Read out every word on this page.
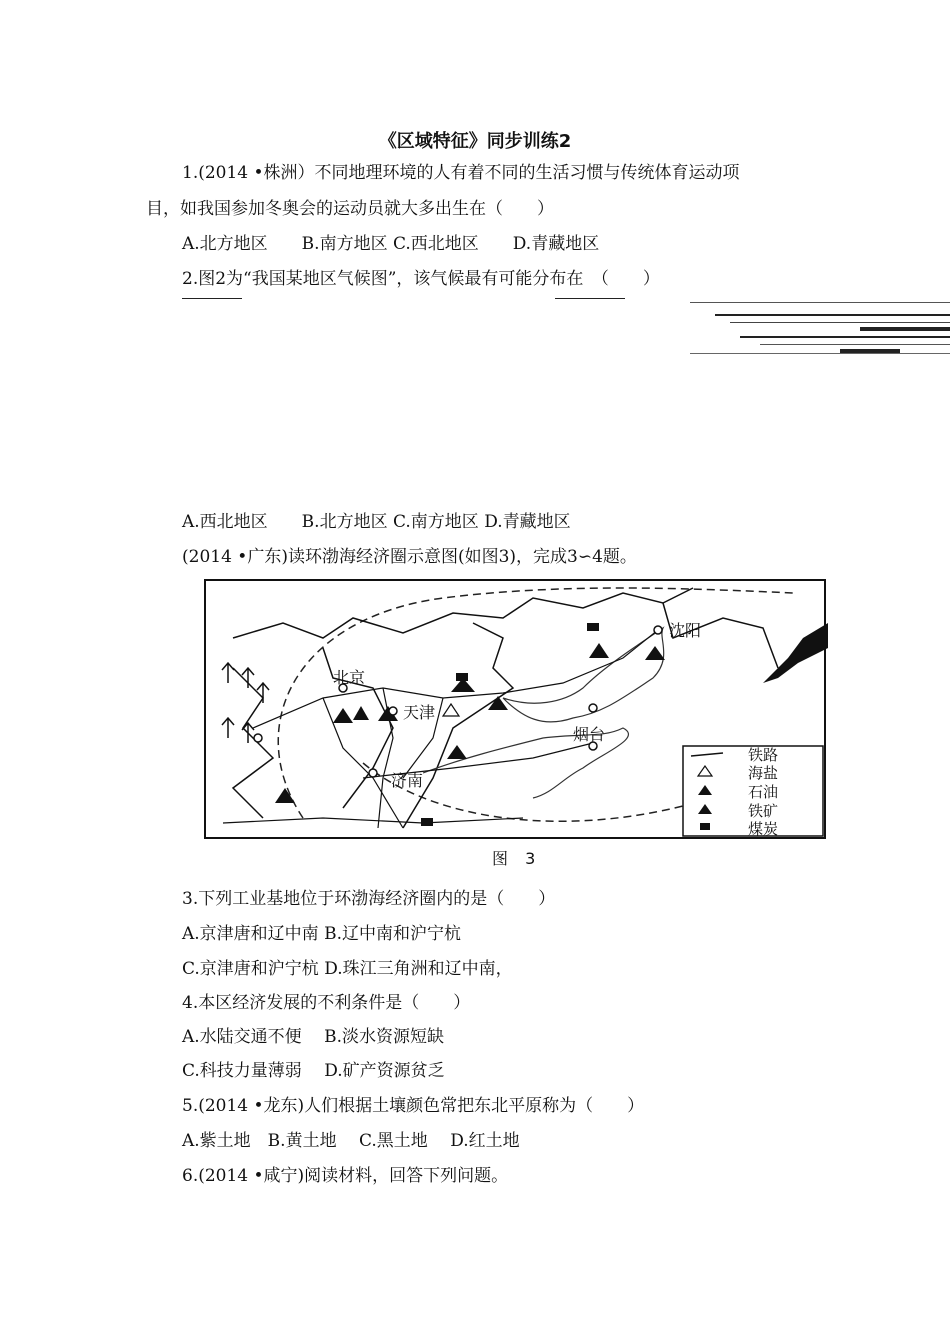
《区域特征》同步训练2
1.(2014 •株洲）不同地理环境的人有着不同的生活习惯与传统体育运动项
目，如我国参加冬奥会的运动员就大多出生在（　　）
A.北方地区　　B.南方地区 C.西北地区　　D.青藏地区
2.图2为“我国某地区气候图”，该气候最有可能分布在　（　　）
A.西北地区　　B.北方地区 C.南方地区 D.青藏地区
(2014 •广东)读环渤海经济圈示意图(如图3)，完成3∽4题。
沈阳
北京
天津
烟台
济南
铁路
海盐
石油
铁矿
煤炭
图 3
3.下列工业基地位于环渤海经济圈内的是（　　）
A.京津唐和辽中南 B.辽中南和沪宁杭
C.京津唐和沪宁杭 D.珠江三角洲和辽中南，
4.本区经济发展的不利条件是（　　）
A.水陆交通不便　 B.淡水资源短缺
C.科技力量薄弱　 D.矿产资源贫乏
5.(2014 •龙东)人们根据土壤颜色常把东北平原称为（　　）
A.紫土地　B.黄土地　 C.黑土地　 D.红土地
6.(2014 •咸宁)阅读材料，回答下列问题。
